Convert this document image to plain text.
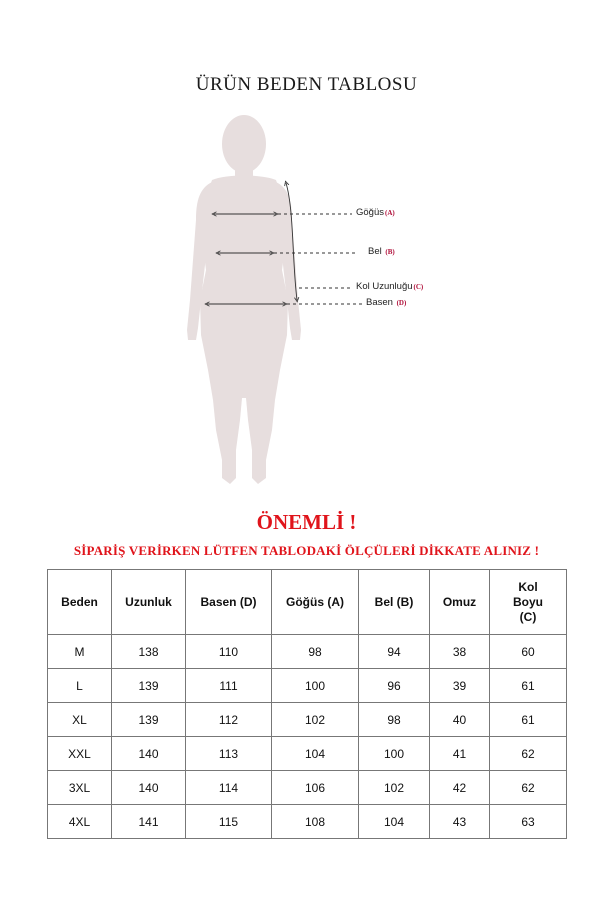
ÜRÜN BEDEN TABLOSU
Göğüs(A)
Bel (B)
Kol Uzunluğu(C)
Basen (D)
ÖNEMLİ !
SİPARİŞ VERİRKEN LÜTFEN TABLODAKİ ÖLÇÜLERİ DİKKATE ALINIZ !
Beden	Uzunluk	Basen (D)	Göğüs (A)	Bel (B)	Omuz	Kol
Boyu
(C)

M	138	110	98	94	38	60
L	139	111	100	96	39	61
XL	139	112	102	98	40	61
XXL	140	113	104	100	41	62
3XL	140	114	106	102	42	62
4XL	141	115	108	104	43	63
